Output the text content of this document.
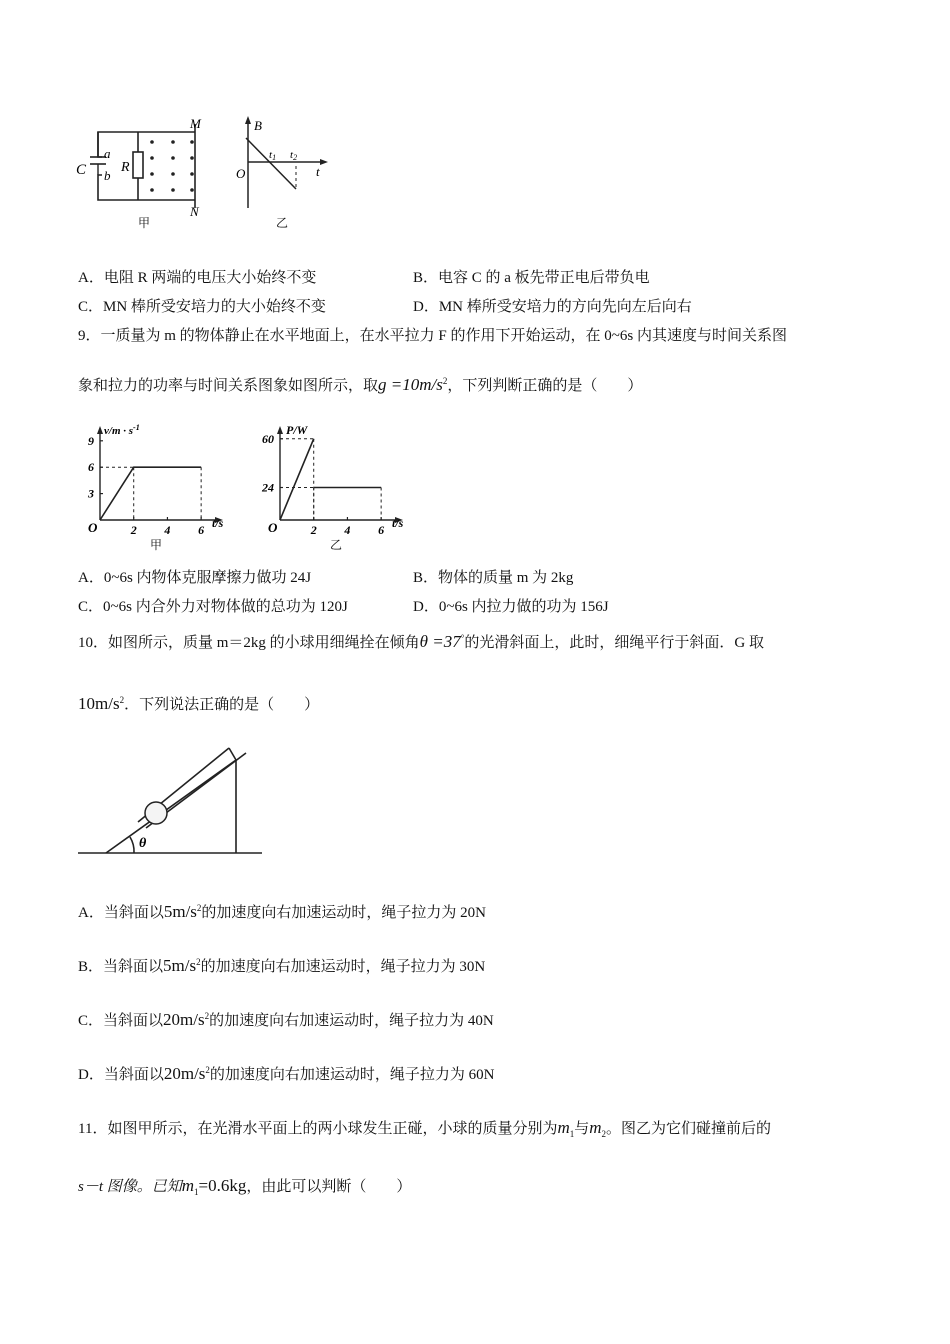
C
a
b
R
M
N
B
O
t1 t2
t
甲	乙
A．电阻 R 两端的电压大小始终不变	B．电容 C 的 a 板先带正电后带负电
C．MN 棒所受安培力的大小始终不变	D．MN 棒所受安培力的方向先向左后向右
9．一质量为 m 的物体静止在水平地面上，在水平拉力 F 的作用下开始运动，在 0~6s 内其速度与时间关系图
象和拉力的功率与时间关系图象如图所示，取$g =10m/s^2$，下列判断正确的是（　　）
2 4 6
9
6
3
2 4 6
60
24
$v/m \cdot s^{-1}$
t/s
O
P/W
t/s
O
甲	乙
A．0~6s 内物体克服摩擦力做功 24J	B．物体的质量 m 为 2kg
C．0~6s 内合外力对物体做的总功为 120J	D．0~6s 内拉力做的功为 156J
10．如图所示，质量 m＝2kg 的小球用细绳拴在倾角θ =37°的光滑斜面上，此时，细绳平行于斜面．G 取
$10m/s^2$．下列说法正确的是（　　）
θ
A．当斜面以$5m/s^2$的加速度向右加速运动时，绳子拉力为 20N
B．当斜面以$5m/s^2$的加速度向右加速运动时，绳子拉力为 30N
C．当斜面以$20m/s^2$的加速度向右加速运动时，绳子拉力为 40N
D．当斜面以$20m/s^2$的加速度向右加速运动时，绳子拉力为 60N
11．如图甲所示，在光滑水平面上的两小球发生正碰，小球的质量分别为$m_1$与$m_2$。图乙为它们碰撞前后的
s－t 图像。已知$m_1=0.6kg$，由此可以判断（　　）
